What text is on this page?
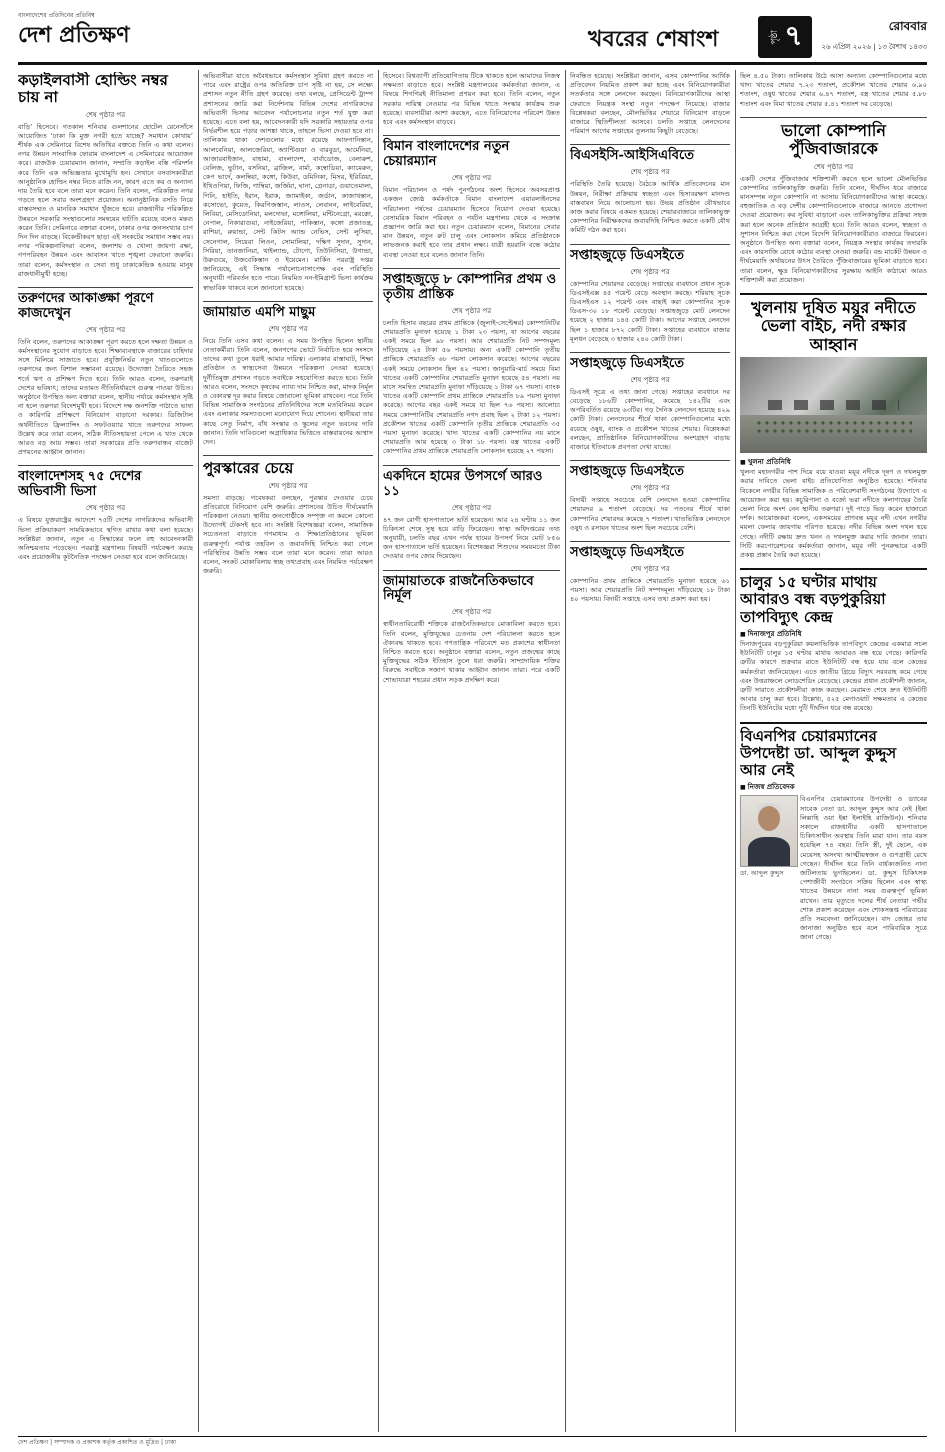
বাংলাদেশের প্রতিদিনের প্রতিবিম্ব
দেশ প্রতিক্ষণ	খবরের শেষাংশ	পৃষ্ঠা ৭	রোববার
২৬ এপ্রিল ২০২৬ | ১৩ বৈশাখ ১৪৩৩
কড়াইলবাসী হোল্ডিং নম্বর চায় না
শেষ পৃষ্ঠার পর

বাড়ি’ হিসেবে। গতকাল শনিবার গুলশানের হোটেল রেনেসাঁসে আয়োজিত ‘ঢাকা কি মুক্ত নগরী হতে যাচ্ছে? সমাধান কোথায়’ শীর্ষক এক সেমিনারে বিশেষ অতিথির বক্তব্যে তিনি এ কথা বলেন। নগর উন্নয়ন সাংবাদিক ফোরাম বাংলাদেশ এ সেমিনারের আয়োজন করে। রাজউক চেয়ারম্যান জানান, সম্প্রতি কড়াইল বস্তি পরিদর্শন করে তিনি এক অভিজ্ঞতার মুখোমুখি হন। সেখানে বসবাসকারীরা আনুষ্ঠানিক হোল্ডিং নম্বর নিতে রাজি নন, কারণ এতে কর ও অন্যান্য দায় তৈরি হবে বলে তারা মনে করেন। তিনি বলেন, পরিকল্পিত নগর গড়তে হলে সবার অংশগ্রহণ প্রয়োজন। অনানুষ্ঠানিক বসতি নিয়ে বাস্তবসম্মত ও মানবিক সমাধান খুঁজতে হবে। রাজধানীর পরিকল্পিত উন্নয়নে সরকারি সংস্থাগুলোর সমন্বয়ের ঘাটতি রয়েছে বলেও মন্তব্য করেন তিনি। সেমিনারে বক্তারা বলেন, ঢাকার ওপর জনসংখ্যার চাপ দিন দিন বাড়ছে। বিকেন্দ্রীকরণ ছাড়া এই সংকটের সমাধান সম্ভব নয়। নগর পরিকল্পনাবিদরা বলেন, জলাশয় ও খোলা জায়গা রক্ষা, গণপরিবহন উন্নয়ন এবং আবাসন খাতে শৃঙ্খলা ফেরানো জরুরি। তারা বলেন, কর্মসংস্থান ও সেবা শুধু ঢাকাকেন্দ্রিক হওয়ায় মানুষ রাজধানীমুখী হচ্ছে।

তরুণদের আকাঙ্ক্ষা পূরণে কাজদেখুন
শেষ পৃষ্ঠার পর

তিনি বলেন, তরুণদের আকাঙ্ক্ষা পূরণ করতে হলে দক্ষতা উন্নয়ন ও কর্মসংস্থানের সুযোগ বাড়াতে হবে। শিক্ষাব্যবস্থাকে বাজারের চাহিদার সঙ্গে মিলিয়ে সাজাতে হবে। প্রযুক্তিনির্ভর নতুন খাতগুলোতে তরুণদের জন্য বিশাল সম্ভাবনা রয়েছে। উদ্যোক্তা তৈরিতে সহজ শর্তে ঋণ ও প্রশিক্ষণ দিতে হবে। তিনি আরও বলেন, তরুণরাই দেশের ভবিষ্যৎ; তাদের মতামত নীতিনির্ধারণে গুরুত্ব পাওয়া উচিত। অনুষ্ঠানে উপস্থিত অন্য বক্তারা বলেন, স্থানীয় পর্যায়ে কর্মসংস্থান সৃষ্টি না হলে তরুণরা বিদেশমুখী হবে। বিদেশে দক্ষ জনশক্তি পাঠাতে ভাষা ও কারিগরি প্রশিক্ষণে বিনিয়োগ বাড়ানো দরকার। ডিজিটাল অর্থনীতিতে ফ্রিল্যান্সিং ও সফটওয়্যার খাতে তরুণদের সাফল্য উল্লেখ করে তারা বলেন, সঠিক নীতিসহায়তা পেলে এ খাত থেকে আরও বড় আয় সম্ভব। তারা সরকারের প্রতি তরুণবান্ধব বাজেট প্রণয়নের আহ্বান জানান।

বাংলাদেশসহ ৭৫ দেশের অভিবাসী ভিসা
শেষ পৃষ্ঠার পর

এ বিষয়ে যুক্তরাষ্ট্রের আদেশে ৭৫টি দেশের নাগরিকদের অভিবাসী ভিসা প্রক্রিয়াকরণ সাময়িকভাবে স্থগিত রাখার কথা বলা হয়েছে। সংশ্লিষ্টরা জানান, নতুন এ সিদ্ধান্তের ফলে বহু আবেদনকারী অনিশ্চয়তায় পড়েছেন। পররাষ্ট্র মন্ত্রণালয় বিষয়টি পর্যবেক্ষণ করছে এবং প্রয়োজনীয় কূটনৈতিক পদক্ষেপ নেওয়া হবে বলে জানিয়েছে।

অভিবাসীরা যাতে অবৈধভাবে কর্মসংস্থান সুবিধা গ্রহণ করতে না পারে এবং রাষ্ট্রের ওপর অতিরিক্ত চাপ সৃষ্টি না হয়, সে লক্ষ্যে প্রশাসন নতুন নীতি গ্রহণ করেছে। তথ্য বলছে, প্রেসিডেন্ট ট্রাম্প প্রশাসনের জারি করা নির্দেশনায় বিভিন্ন দেশের নাগরিকদের অভিবাসী ভিসার আবেদন পর্যালোচনার নতুন শর্ত যুক্ত করা হয়েছে। এতে বলা হয়, আবেদনকারী যদি সরকারি সহায়তার ওপর নির্ভরশীল হয়ে পড়ার আশঙ্কা থাকে, তাহলে ভিসা দেওয়া হবে না। তালিকায় থাকা দেশগুলোর মধ্যে রয়েছে আফগানিস্তান, আলবেনিয়া, আলজেরিয়া, অ্যান্টিগুয়া ও বারবুডা, আর্মেনিয়া, আজারবাইজান, বাহামা, বাংলাদেশ, বার্বাডোজ, বেলারুশ, বেলিজ, ভুটান, বসনিয়া, ব্রাজিল, বার্মা, কম্বোডিয়া, ক্যামেরুন, কেপ ভার্দে, কলম্বিয়া, কঙ্গো, কিউবা, ডমিনিকা, মিসর, ইরিত্রিয়া, ইথিওপিয়া, ফিজি, গাম্বিয়া, জর্জিয়া, ঘানা, গ্রেনাডা, গুয়াতেমালা, গিনি, হাইতি, ইরান, ইরাক, জ্যামাইকা, জর্ডান, কাজাখস্তান, কসোভো, কুয়েত, কিরগিজস্তান, লাওস, লেবানন, লাইবেরিয়া, লিবিয়া, মেসিডোনিয়া, মলদোভা, মঙ্গোলিয়া, মন্টিনেগ্রো, মরক্কো, নেপাল, নিকারাগুয়া, নাইজেরিয়া, পাকিস্তান, কঙ্গো প্রজাতন্ত্র, রাশিয়া, রুয়ান্ডা, সেন্ট কিটস অ্যান্ড নেভিস, সেন্ট লুসিয়া, সেনেগাল, সিয়েরা লিওন, সোমালিয়া, দক্ষিণ সুদান, সুদান, সিরিয়া, তানজানিয়া, থাইল্যান্ড, টোগো, তিউনিসিয়া, উগান্ডা, উরুগুয়ে, উজবেকিস্তান ও ইয়েমেন। মার্কিন পররাষ্ট্র দপ্তর জানিয়েছে, এই সিদ্ধান্ত পর্যালোচনাসাপেক্ষ এবং পরিস্থিতি অনুযায়ী পরিবর্তন হতে পারে। নিয়মিত নন-ইমিগ্রান্ট ভিসা কার্যক্রম স্বাভাবিক থাকবে বলে জানানো হয়েছে।

জামায়াত এমপি মাছুম
শেষ পৃষ্ঠার পর

নিয়ে তিনি এসব কথা বলেন। এ সময় উপস্থিত ছিলেন স্থানীয় নেতাকর্মীরা। তিনি বলেন, জনগণের ভোটে নির্বাচিত হয়ে সংসদে তাদের কথা তুলে ধরাই আমার দায়িত্ব। এলাকার রাস্তাঘাট, শিক্ষা প্রতিষ্ঠান ও স্বাস্থ্যসেবা উন্নয়নে পরিকল্পনা নেওয়া হয়েছে। দুর্নীতিমুক্ত প্রশাসন গড়তে সবাইকে সহযোগিতা করতে হবে। তিনি আরও বলেন, সংসদে কৃষকের ন্যায্য দাম নিশ্চিত করা, মাদক নির্মূল ও বেকারত্ব দূর করার বিষয়ে জোরালো ভূমিকা রাখবেন। পরে তিনি বিভিন্ন সামাজিক সংগঠনের প্রতিনিধিদের সঙ্গে মতবিনিময় করেন এবং এলাকার সমস্যাগুলো মনোযোগ দিয়ে শোনেন। স্থানীয়রা তার কাছে সেতু নির্মাণ, বাঁধ সংস্কার ও স্কুলের নতুন ভবনের দাবি জানান। তিনি দাবিগুলো অগ্রাধিকার ভিত্তিতে বাস্তবায়নের আশ্বাস দেন।

পুরস্কারের চেয়ে
শেষ পৃষ্ঠার পর

সমস্যা বাড়ছে। গবেষকরা বলছেন, পুরস্কার দেওয়ার চেয়ে প্রতিরোধে বিনিয়োগ বেশি জরুরি। প্রশাসনের উচিত দীর্ঘমেয়াদি পরিকল্পনা নেওয়া। স্থানীয় জনগোষ্ঠীকে সম্পৃক্ত না করলে কোনো উদ্যোগই টেকসই হবে না। সংশ্লিষ্ট বিশেষজ্ঞরা বলেন, সামাজিক সচেতনতা বাড়াতে গণমাধ্যম ও শিক্ষাপ্রতিষ্ঠানের ভূমিকা গুরুত্বপূর্ণ। পর্যাপ্ত তহবিল ও জবাবদিহি নিশ্চিত করা গেলে পরিস্থিতির উন্নতি সম্ভব বলে তারা মনে করেন। তারা আরও বলেন, সংকট মোকাবিলায় স্বচ্ছ তথ্যপ্রবাহ এবং নিয়মিত পর্যবেক্ষণ জরুরি।

হিসেবে। বিশ্বব্যাপী প্রতিযোগিতায় টিকে থাকতে হলে আমাদের নিজস্ব সক্ষমতা বাড়াতে হবে। সংশ্লিষ্ট মন্ত্রণালয়ের কর্মকর্তারা জানান, এ বিষয়ে শিগগিরই নীতিমালা প্রণয়ন করা হবে। তিনি বলেন, নতুন সরকার দায়িত্ব নেওয়ার পর বিভিন্ন খাতে সংস্কার কার্যক্রম শুরু হয়েছে। ব্যবসায়ীরা আশা করছেন, এতে বিনিয়োগের পরিবেশ উন্নত হবে এবং কর্মসংস্থান বাড়বে।

বিমান বাংলাদেশের নতুন চেয়ারম্যান
শেষ পৃষ্ঠার পর

বিমান পরিচালন ও পর্ষদ পুনর্গঠনের অংশ হিসেবে অবসরপ্রাপ্ত একজন জ্যেষ্ঠ কর্মকর্তাকে বিমান বাংলাদেশ এয়ারলাইনসের পরিচালনা পর্ষদের চেয়ারম্যান হিসেবে নিয়োগ দেওয়া হয়েছে। বেসামরিক বিমান পরিবহন ও পর্যটন মন্ত্রণালয় থেকে এ সংক্রান্ত প্রজ্ঞাপন জারি করা হয়। নতুন চেয়ারম্যান বলেন, বিমানের সেবার মান উন্নয়ন, নতুন রুট চালু এবং লোকসান কমিয়ে প্রতিষ্ঠানকে লাভজনক করাই হবে তার প্রধান লক্ষ্য। যাত্রী হয়রানি বন্ধে কঠোর ব্যবস্থা নেওয়া হবে বলেও জানান তিনি।

সপ্তাহজুড়ে ৮ কোম্পানির প্রথম ও তৃতীয় প্রান্তিক
শেষ পৃষ্ঠার পর

চলতি হিসাব বছরের প্রথম প্রান্তিকে (জুলাই-সেপ্টেম্বর) কোম্পানিটির শেয়ারপ্রতি মুনাফা হয়েছে ১ টাকা ২৩ পয়সা, যা আগের বছরের একই সময়ে ছিল ৯৮ পয়সা। আর শেয়ারপ্রতি নিট সম্পদমূল্য দাঁড়িয়েছে ২৪ টাকা ৫৬ পয়সায়। অন্য একটি কোম্পানি তৃতীয় প্রান্তিকে শেয়ারপ্রতি ৬৮ পয়সা লোকসান করেছে। আগের বছরের একই সময়ে লোকসান ছিল ৪২ পয়সা। জানুয়ারি-মার্চ সময়ে বিমা খাতের একটি কোম্পানির শেয়ারপ্রতি মুনাফা হয়েছে ৫৪ পয়সা। নয় মাসে সমন্বিত শেয়ারপ্রতি মুনাফা দাঁড়িয়েছে ১ টাকা ৬৭ পয়সা। ব্যাংক খাতের একটি কোম্পানি প্রথম প্রান্তিকে শেয়ারপ্রতি ৮৯ পয়সা মুনাফা করেছে। আগের বছর একই সময়ে যা ছিল ৭৬ পয়সা। আলোচ্য সময়ে কোম্পানিটির শেয়ারপ্রতি নগদ প্রবাহ ছিল ২ টাকা ১২ পয়সা। প্রকৌশল খাতের একটি কোম্পানি তৃতীয় প্রান্তিকে শেয়ারপ্রতি ৩৫ পয়সা মুনাফা করেছে। খাদ্য খাতের একটি কোম্পানির নয় মাসে শেয়ারপ্রতি আয় হয়েছে ৩ টাকা ১৮ পয়সা। বস্ত্র খাতের একটি কোম্পানির প্রথম প্রান্তিকে শেয়ারপ্রতি লোকসান হয়েছে ২৭ পয়সা।

একদিনে হামের উপসর্গে আরও ১১
শেষ পৃষ্ঠার পর

৪৭ জন রোগী হাসপাতালে ভর্তি হয়েছেন। আর ২৪ ঘণ্টায় ১১ জন চিকিৎসা শেষে সুস্থ হয়ে বাড়ি ফিরেছেন। স্বাস্থ্য অধিদপ্তরের তথ্য অনুযায়ী, চলতি বছর এখন পর্যন্ত হামের উপসর্গ নিয়ে মোট ৮৫৬ জন হাসপাতালে ভর্তি হয়েছেন। বিশেষজ্ঞরা শিশুদের সময়মতো টিকা দেওয়ার ওপর জোর দিয়েছেন।

জামায়াতকে রাজনৈতিকভাবে নির্মূল
শেষ পৃষ্ঠার পর

স্বাধীনতাবিরোধী শক্তিকে রাজনৈতিকভাবে মোকাবিলা করতে হবে। তিনি বলেন, মুক্তিযুদ্ধের চেতনায় দেশ পরিচালনা করতে হলে ঐক্যবদ্ধ থাকতে হবে। গণতান্ত্রিক পরিবেশে মত প্রকাশের স্বাধীনতা নিশ্চিত করতে হবে। অনুষ্ঠানে বক্তারা বলেন, নতুন প্রজন্মের কাছে মুক্তিযুদ্ধের সঠিক ইতিহাস তুলে ধরা জরুরি। সাম্প্রদায়িক শক্তির বিরুদ্ধে সবাইকে সজাগ থাকার আহ্বান জানান তারা। পরে একটি শোভাযাত্রা শহরের প্রধান সড়ক প্রদক্ষিণ করে।

নিবন্ধিত হয়েছে। সংশ্লিষ্টরা জানান, এসব কোম্পানির আর্থিক প্রতিবেদন নিয়মিত প্রকাশ করা হচ্ছে এবং বিনিয়োগকারীরা সতর্কতার সঙ্গে লেনদেন করছেন। বিনিয়োগকারীদের আস্থা ফেরাতে নিয়ন্ত্রক সংস্থা নতুন পদক্ষেপ নিয়েছে। বাজার বিশ্লেষকরা বলছেন, মৌলভিত্তির শেয়ারে বিনিয়োগ বাড়লে বাজারে স্থিতিশীলতা আসবে। চলতি সপ্তাহে লেনদেনের পরিমাণ আগের সপ্তাহের তুলনায় কিছুটা বেড়েছে।

বিএসইসি-আইসিএবিতে
শেষ পৃষ্ঠার পর

পরিস্থিতি তৈরি হয়েছে। বৈঠকে আর্থিক প্রতিবেদনের মান উন্নয়ন, নিরীক্ষা প্রক্রিয়ায় স্বচ্ছতা এবং হিসাবরক্ষণ মানদণ্ড বাস্তবায়ন নিয়ে আলোচনা হয়। উভয় প্রতিষ্ঠান যৌথভাবে কাজ করার বিষয়ে একমত হয়েছে। শেয়ারবাজারে তালিকাভুক্ত কোম্পানির নিরীক্ষকদের জবাবদিহি নিশ্চিত করতে একটি যৌথ কমিটি গঠন করা হবে।

সপ্তাহজুড়ে ডিএসইতে
শেষ পৃষ্ঠার পর

কোম্পানির শেয়ারদর বেড়েছে। সপ্তাহের ব্যবধানে প্রধান সূচক ডিএসইএক্স ৪৫ পয়েন্ট বেড়ে অবস্থান করছে। শরিয়াহ সূচক ডিএসইএস ১২ পয়েন্ট এবং বাছাই করা কোম্পানির সূচক ডিএস-৩০ ১৮ পয়েন্ট বেড়েছে। সপ্তাহজুড়ে মোট লেনদেন হয়েছে ২ হাজার ১৪৫ কোটি টাকা। আগের সপ্তাহে লেনদেন ছিল ১ হাজার ৮৭২ কোটি টাকা। সপ্তাহের ব্যবধানে বাজার মূলধন বেড়েছে ৩ হাজার ২৪০ কোটি টাকা।

সপ্তাহজুড়ে ডিএসইতে
শেষ পৃষ্ঠার পর

ডিএসই সূত্রে এ তথ্য জানা গেছে। সপ্তাহের ব্যবধানে দর বেড়েছে ১৮৬টি কোম্পানির, কমেছে ১৪২টির এবং অপরিবর্তিত রয়েছে ৬৩টির। গড় দৈনিক লেনদেন হয়েছে ৪২৯ কোটি টাকা। লেনদেনের শীর্ষে থাকা কোম্পানিগুলোর মধ্যে রয়েছে ওষুধ, ব্যাংক ও প্রকৌশল খাতের শেয়ার। বিশ্লেষকরা বলছেন, প্রাতিষ্ঠানিক বিনিয়োগকারীদের অংশগ্রহণ বাড়ায় বাজারে ইতিবাচক প্রবণতা দেখা যাচ্ছে।

সপ্তাহজুড়ে ডিএসইতে
শেষ পৃষ্ঠার পর

বিদায়ী সপ্তাহে সবচেয়ে বেশি লেনদেন হওয়া কোম্পানির শেয়ারদর ৯ শতাংশ বেড়েছে। দর পতনের শীর্ষে থাকা কোম্পানির শেয়ারদর কমেছে ৭ শতাংশ। খাতভিত্তিক লেনদেনে ওষুধ ও রসায়ন খাতের অংশ ছিল সবচেয়ে বেশি।

সপ্তাহজুড়ে ডিএসইতে
শেষ পৃষ্ঠার পর

কোম্পানির প্রথম প্রান্তিকে শেয়ারপ্রতি মুনাফা হয়েছে ৬১ পয়সা। আর শেয়ারপ্রতি নিট সম্পদমূল্য দাঁড়িয়েছে ১৮ টাকা ৪০ পয়সায়। বিদায়ী সপ্তাহে এসব তথ্য প্রকাশ করা হয়।

ছিল ৪.৫০ টাকা। তালিকায় উঠে আসা অন্যান্য কোম্পানিগুলোর মধ্যে খাদ্য খাতের শেয়ার ৭.২৩ শতাংশ, প্রকৌশল খাতের শেয়ার ৬.৯০ শতাংশ, ওষুধ খাতের শেয়ার ৬.৪৭ শতাংশ, বস্ত্র খাতের শেয়ার ৫.৮৮ শতাংশ এবং বিমা খাতের শেয়ার ৫.৪১ শতাংশ দর বেড়েছে।

ভালো কোম্পানি পুঁজিবাজারকে
শেষ পৃষ্ঠার পর

একটি দেশের পুঁজিবাজার শক্তিশালী করতে হলে ভালো মৌলভিত্তির কোম্পানির তালিকাভুক্তি জরুরি। তিনি বলেন, দীর্ঘদিন ধরে বাজারে মানসম্পন্ন নতুন কোম্পানি না আসায় বিনিয়োগকারীদের আস্থা কমেছে। বহুজাতিক ও বড় দেশীয় কোম্পানিগুলোকে বাজারে আনতে প্রণোদনা দেওয়া প্রয়োজন। কর সুবিধা বাড়ানো এবং তালিকাভুক্তির প্রক্রিয়া সহজ করা হলে অনেক প্রতিষ্ঠান আগ্রহী হবে। তিনি আরও বলেন, স্বচ্ছতা ও সুশাসন নিশ্চিত করা গেলে বিদেশি বিনিয়োগকারীরাও বাজারে ফিরবেন। অনুষ্ঠানে উপস্থিত অন্য বক্তারা বলেন, নিয়ন্ত্রক সংস্থার কার্যকর তদারকি এবং কারসাজি রোধে কঠোর ব্যবস্থা নেওয়া জরুরি। বন্ড মার্কেট উন্নয়ন ও দীর্ঘমেয়াদি অর্থায়নের উৎস তৈরিতে পুঁজিবাজারের ভূমিকা বাড়াতে হবে। তারা বলেন, ক্ষুদ্র বিনিয়োগকারীদের সুরক্ষায় আইনি কাঠামো আরও শক্তিশালী করা প্রয়োজন।

খুলনায় দূষিত ময়ূর নদীতে ভেলা বাইচ, নদী রক্ষার আহ্বান
■ খুলনা প্রতিনিধি

খুলনা মহানগরীর পাশ দিয়ে বয়ে যাওয়া ময়ূর নদীকে দূষণ ও দখলমুক্ত করার দাবিতে ভেলা বাইচ প্রতিযোগিতা অনুষ্ঠিত হয়েছে। শনিবার বিকেলে নগরীর বিভিন্ন সামাজিক ও পরিবেশবাদী সংগঠনের উদ্যোগে এ আয়োজন করা হয়। কচুরিপানা ও বর্জ্যে ভরা নদীতে কলাগাছের তৈরি ভেলা নিয়ে অংশ নেন স্থানীয় তরুণরা। দুই পাড়ে ভিড় করেন হাজারো দর্শক। আয়োজকরা বলেন, একসময়ের প্রাণবন্ত ময়ূর নদী এখন নগরীর ময়লা ফেলার জায়গায় পরিণত হয়েছে। নদীর বিভিন্ন অংশ দখল হয়ে গেছে। নদীটি রক্ষায় দ্রুত খনন ও দখলমুক্ত করার দাবি জানান তারা। সিটি করপোরেশনের কর্মকর্তারা জানান, ময়ূর নদী পুনরুদ্ধারে একটি প্রকল্প প্রস্তাব তৈরি করা হয়েছে।

চালুর ১৫ ঘণ্টার মাথায় আবারও বন্ধ বড়পুকুরিয়া তাপবিদ্যুৎ কেন্দ্র
■ দিনাজপুর প্রতিনিধি

দিনাজপুরের বড়পুকুরিয়া কয়লাভিত্তিক তাপবিদ্যুৎ কেন্দ্রের একমাত্র সচল ইউনিটটি চালুর ১৫ ঘণ্টার মাথায় আবারও বন্ধ হয়ে গেছে। কারিগরি ত্রুটির কারণে শুক্রবার রাতে ইউনিটটি বন্ধ হয়ে যায় বলে কেন্দ্রের কর্মকর্তারা জানিয়েছেন। এতে জাতীয় গ্রিডে বিদ্যুৎ সরবরাহ কমে গেছে এবং উত্তরাঞ্চলে লোডশেডিং বেড়েছে। কেন্দ্রের প্রধান প্রকৌশলী জানান, ত্রুটি সারাতে প্রকৌশলীরা কাজ করছেন। মেরামত শেষে দ্রুত ইউনিটটি আবার চালু করা হবে। উল্লেখ্য, ৫২৫ মেগাওয়াট সক্ষমতার এ কেন্দ্রের তিনটি ইউনিটের মধ্যে দুটি দীর্ঘদিন ধরে বন্ধ রয়েছে।

বিএনপির চেয়ারম্যানের উপদেষ্টা ডা. আব্দুল কুদ্দুস আর নেই
■ নিজস্ব প্রতিবেদক
ডা. আব্দুল কুদ্দুস

বিএনপির চেয়ারম্যানের উপদেষ্টা ও ড্যাবের সাবেক নেতা ডা. আব্দুল কুদ্দুস আর নেই (ইন্না লিল্লাহি ওয়া ইন্না ইলাইহি রাজিউন)। শনিবার সকালে রাজধানীর একটি হাসপাতালে চিকিৎসাধীন অবস্থায় তিনি মারা যান। তার বয়স হয়েছিল ৭৪ বছর। তিনি স্ত্রী, দুই ছেলে, এক মেয়েসহ অসংখ্য আত্মীয়স্বজন ও গুণগ্রাহী রেখে গেছেন। দীর্ঘদিন ধরে তিনি বার্ধক্যজনিত নানা জটিলতায় ভুগছিলেন। ডা. কুদ্দুস চিকিৎসক পেশাজীবী সংগঠনে সক্রিয় ছিলেন এবং স্বাস্থ্য খাতের উন্নয়নে নানা সময় গুরুত্বপূর্ণ ভূমিকা রাখেন। তার মৃত্যুতে দলের শীর্ষ নেতারা গভীর শোক প্রকাশ করেছেন এবং শোকসন্তপ্ত পরিবারের প্রতি সমবেদনা জানিয়েছেন। বাদ জোহর তার জানাজা অনুষ্ঠিত হবে বলে পারিবারিক সূত্রে জানা গেছে।

দেশ প্রতিক্ষণ | সম্পাদক ও প্রকাশক কর্তৃক প্রকাশিত ও মুদ্রিত | ঢাকা
